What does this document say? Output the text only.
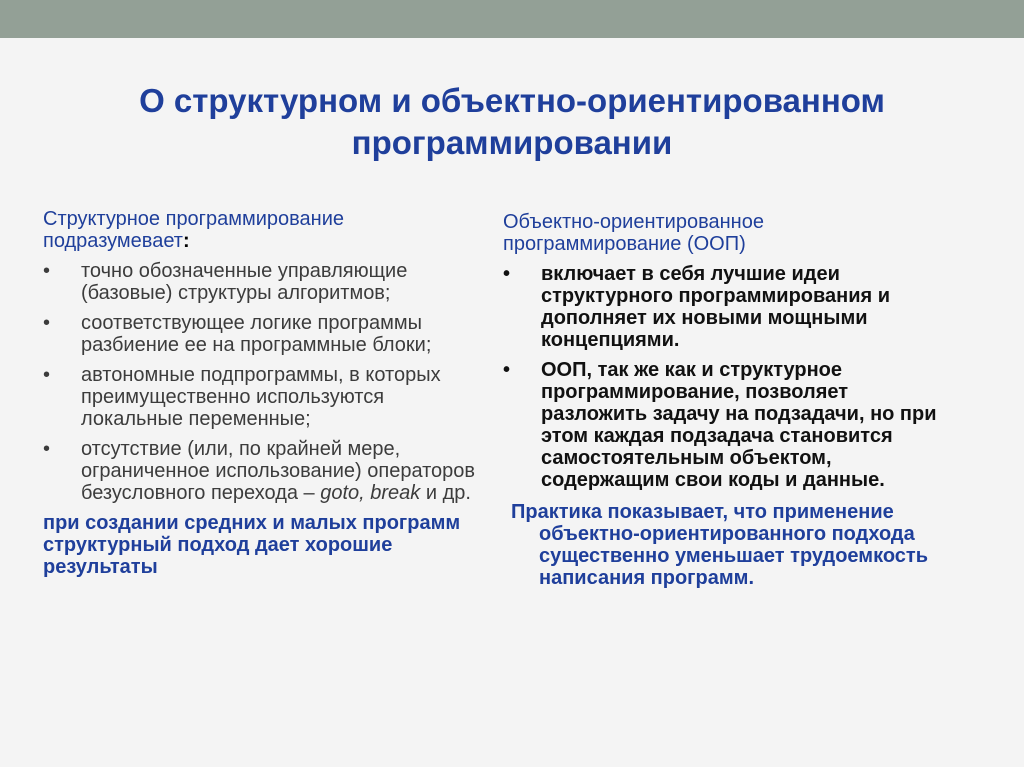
О структурном и объектно-ориентированном
программировании
Структурное программирование подразумевает:
• точно обозначенные управляющие (базовые) структуры алгоритмов;
• соответствующее логике программы разбиение ее на программные блоки;
• автономные подпрограммы, в которых преимущественно используются локальные переменные;
• отсутствие (или, по крайней мере, ограниченное использование) операторов безусловного перехода – goto, break и др.
при создании средних и малых программ структурный подход дает хорошие результаты
Объектно-ориентированное программирование (ООП)
• включает в себя лучшие идеи структурного программирования и дополняет их новыми мощными концепциями.
• ООП, так же как и структурное программирование, позволяет разложить задачу на подзадачи, но при этом каждая подзадача становится самостоятельным объектом, содержащим свои коды и данные.
Практика показывает, что применение объектно-ориентированного подхода существенно уменьшает трудоемкость написания программ.
